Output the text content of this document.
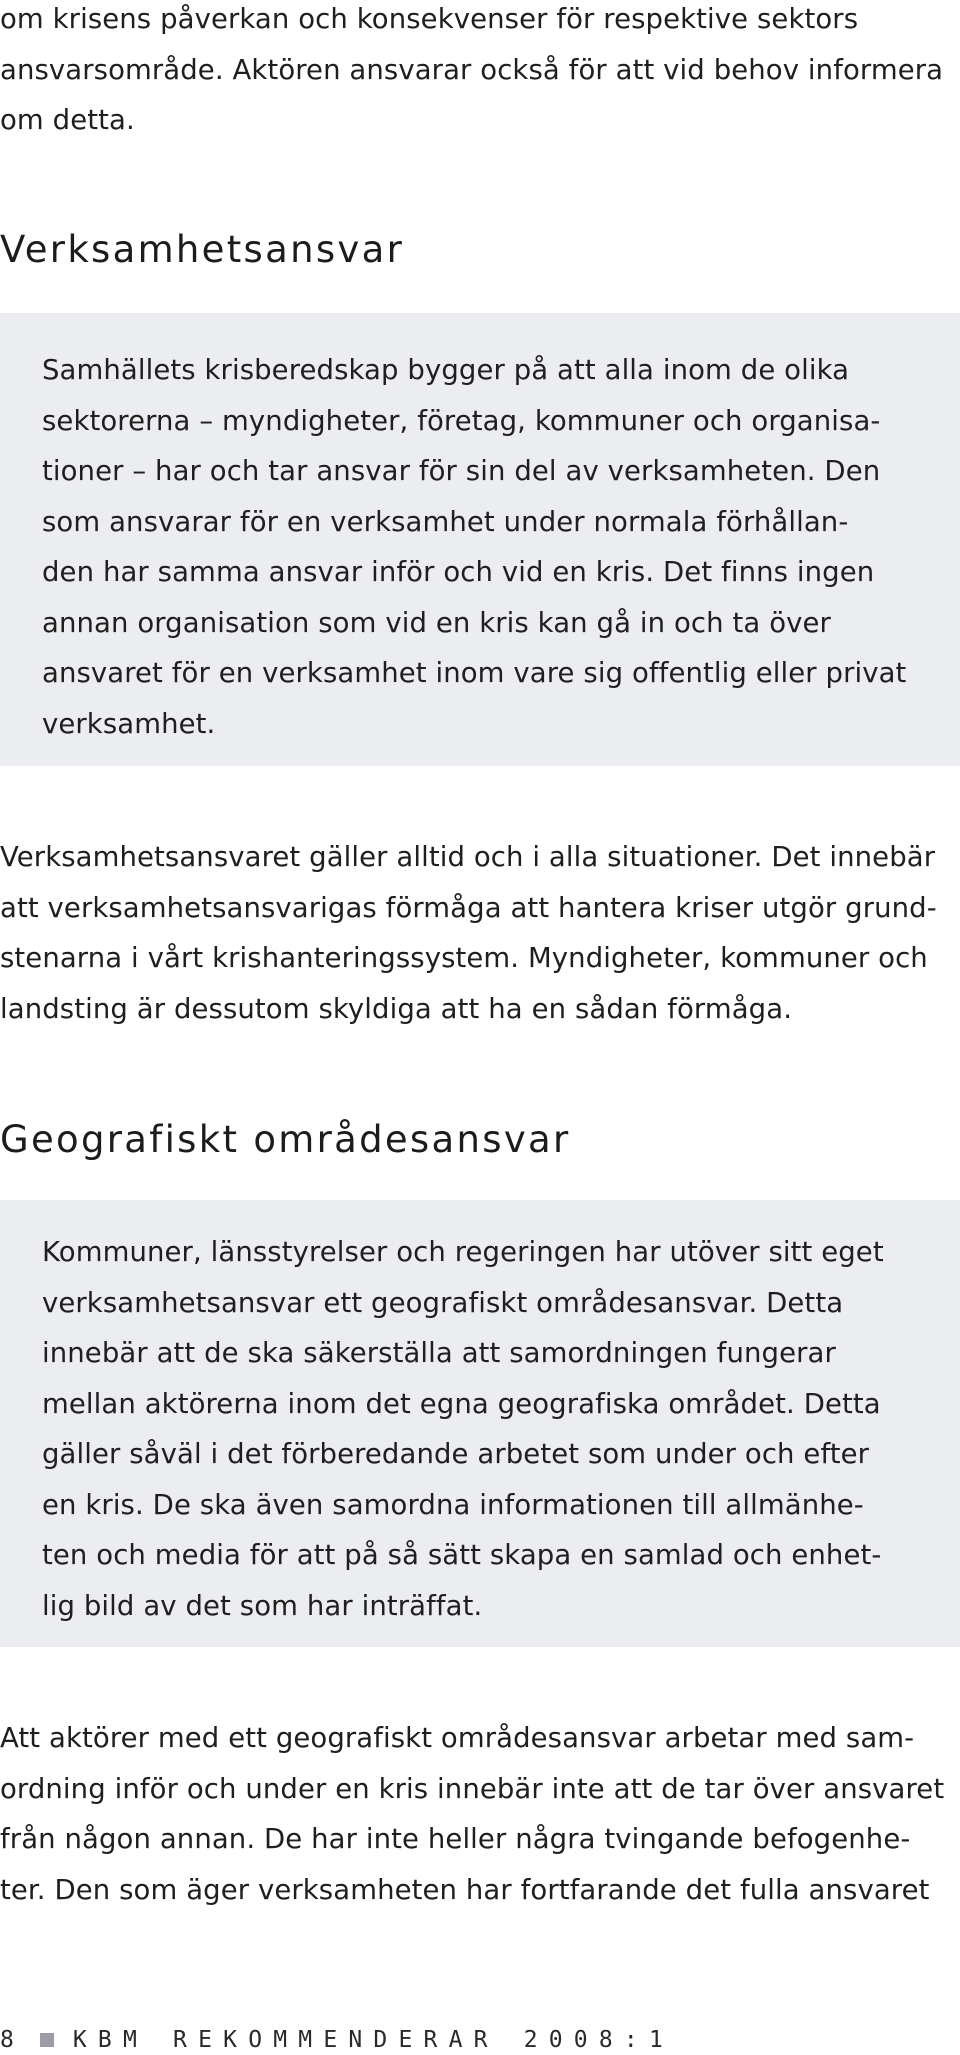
om krisens påverkan och konsekvenser för respektive sektors
ansvarsområde. Aktören ansvarar också för att vid behov informera
om detta.

Verksamhetsansvar

Samhällets krisberedskap bygger på att alla inom de olika
sektorerna – myndigheter, företag, kommuner och organisa-
tioner – har och tar ansvar för sin del av verksamheten. Den
som ansvarar för en verksamhet under normala förhållan-
den har samma ansvar inför och vid en kris. Det finns ingen
annan organisation som vid en kris kan gå in och ta över
ansvaret för en verksamhet inom vare sig offentlig eller privat
verksamhet.

Verksamhetsansvaret gäller alltid och i alla situationer. Det innebär
att verksamhetsansvarigas förmåga att hantera kriser utgör grund-
stenarna i vårt krishanteringssystem. Myndigheter, kommuner och
landsting är dessutom skyldiga att ha en sådan förmåga.

Geografiskt områdesansvar

Kommuner, länsstyrelser och regeringen har utöver sitt eget
verksamhetsansvar ett geografiskt områdesansvar. Detta
innebär att de ska säkerställa att samordningen fungerar
mellan aktörerna inom det egna geografiska området. Detta
gäller såväl i det förberedande arbetet som under och efter
en kris. De ska även samordna informationen till allmänhe-
ten och media för att på så sätt skapa en samlad och enhet-
lig bild av det som har inträffat.

Att aktörer med ett geografiskt områdesansvar arbetar med sam-
ordning inför och under en kris innebär inte att de tar över ansvaret
från någon annan. De har inte heller några tvingande befogenhe-
ter. Den som äger verksamheten har fortfarande det fulla ansvaret

8	KBM REKOMMENDERAR 2008:1
